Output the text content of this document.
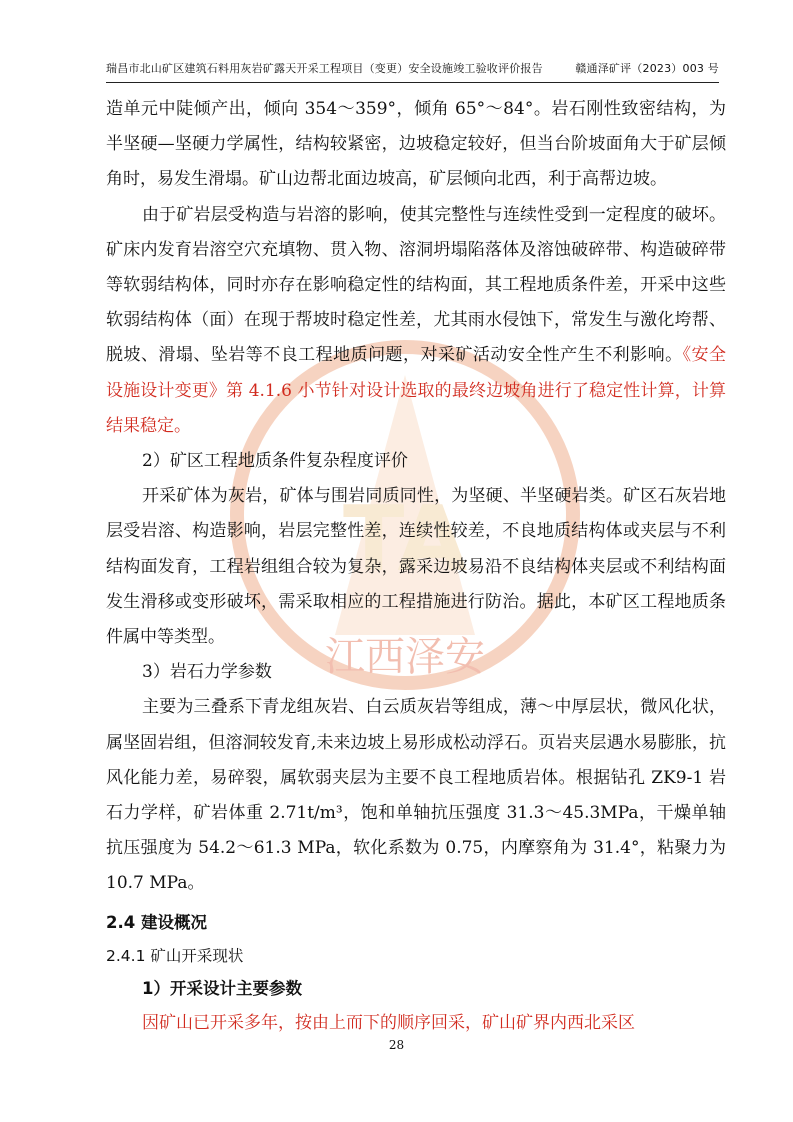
瑞昌市北山矿区建筑石料用灰岩矿露天开采工程项目（变更）安全设施竣工验收评价报告	赣通泽矿评（2023）003 号
TA
江西泽安

造单元中陡倾产出，倾向 354～359°，倾角 65°～84°。岩石刚性致密结构，为半坚硬—坚硬力学属性，结构较紧密，边坡稳定较好，但当台阶坡面角大于矿层倾角时，易发生滑塌。矿山边帮北面边坡高，矿层倾向北西，利于高帮边坡。

由于矿岩层受构造与岩溶的影响，使其完整性与连续性受到一定程度的破坏。矿床内发育岩溶空穴充填物、贯入物、溶洞坍塌陷落体及溶蚀破碎带、构造破碎带等软弱结构体，同时亦存在影响稳定性的结构面，其工程地质条件差，开采中这些软弱结构体（面）在现于帮坡时稳定性差，尤其雨水侵蚀下，常发生与激化垮帮、脱坡、滑塌、坠岩等不良工程地质问题，对采矿活动安全性产生不利影响。《安全设施设计变更》第 4.1.6 小节针对设计选取的最终边坡角进行了稳定性计算，计算结果稳定。

2）矿区工程地质条件复杂程度评价

开采矿体为灰岩，矿体与围岩同质同性，为坚硬、半坚硬岩类。矿区石灰岩地层受岩溶、构造影响，岩层完整性差，连续性较差，不良地质结构体或夹层与不利结构面发育，工程岩组组合较为复杂，露采边坡易沿不良结构体夹层或不利结构面发生滑移或变形破坏，需采取相应的工程措施进行防治。据此，本矿区工程地质条件属中等类型。

3）岩石力学参数

主要为三叠系下青龙组灰岩、白云质灰岩等组成，薄～中厚层状，微风化状，属坚固岩组，但溶洞较发育,未来边坡上易形成松动浮石。页岩夹层遇水易膨胀，抗风化能力差，易碎裂，属软弱夹层为主要不良工程地质岩体。根据钻孔 ZK9-1 岩石力学样，矿岩体重 2.71t/m³，饱和单轴抗压强度 31.3～45.3MPa，干燥单轴抗压强度为 54.2～61.3 MPa，软化系数为 0.75，内摩察角为 31.4°，粘聚力为 10.7 MPa。

2.4 建设概况
2.4.1 矿山开采现状
1）开采设计主要参数

因矿山已开采多年，按由上而下的顺序回采，矿山矿界内西北采区

28
